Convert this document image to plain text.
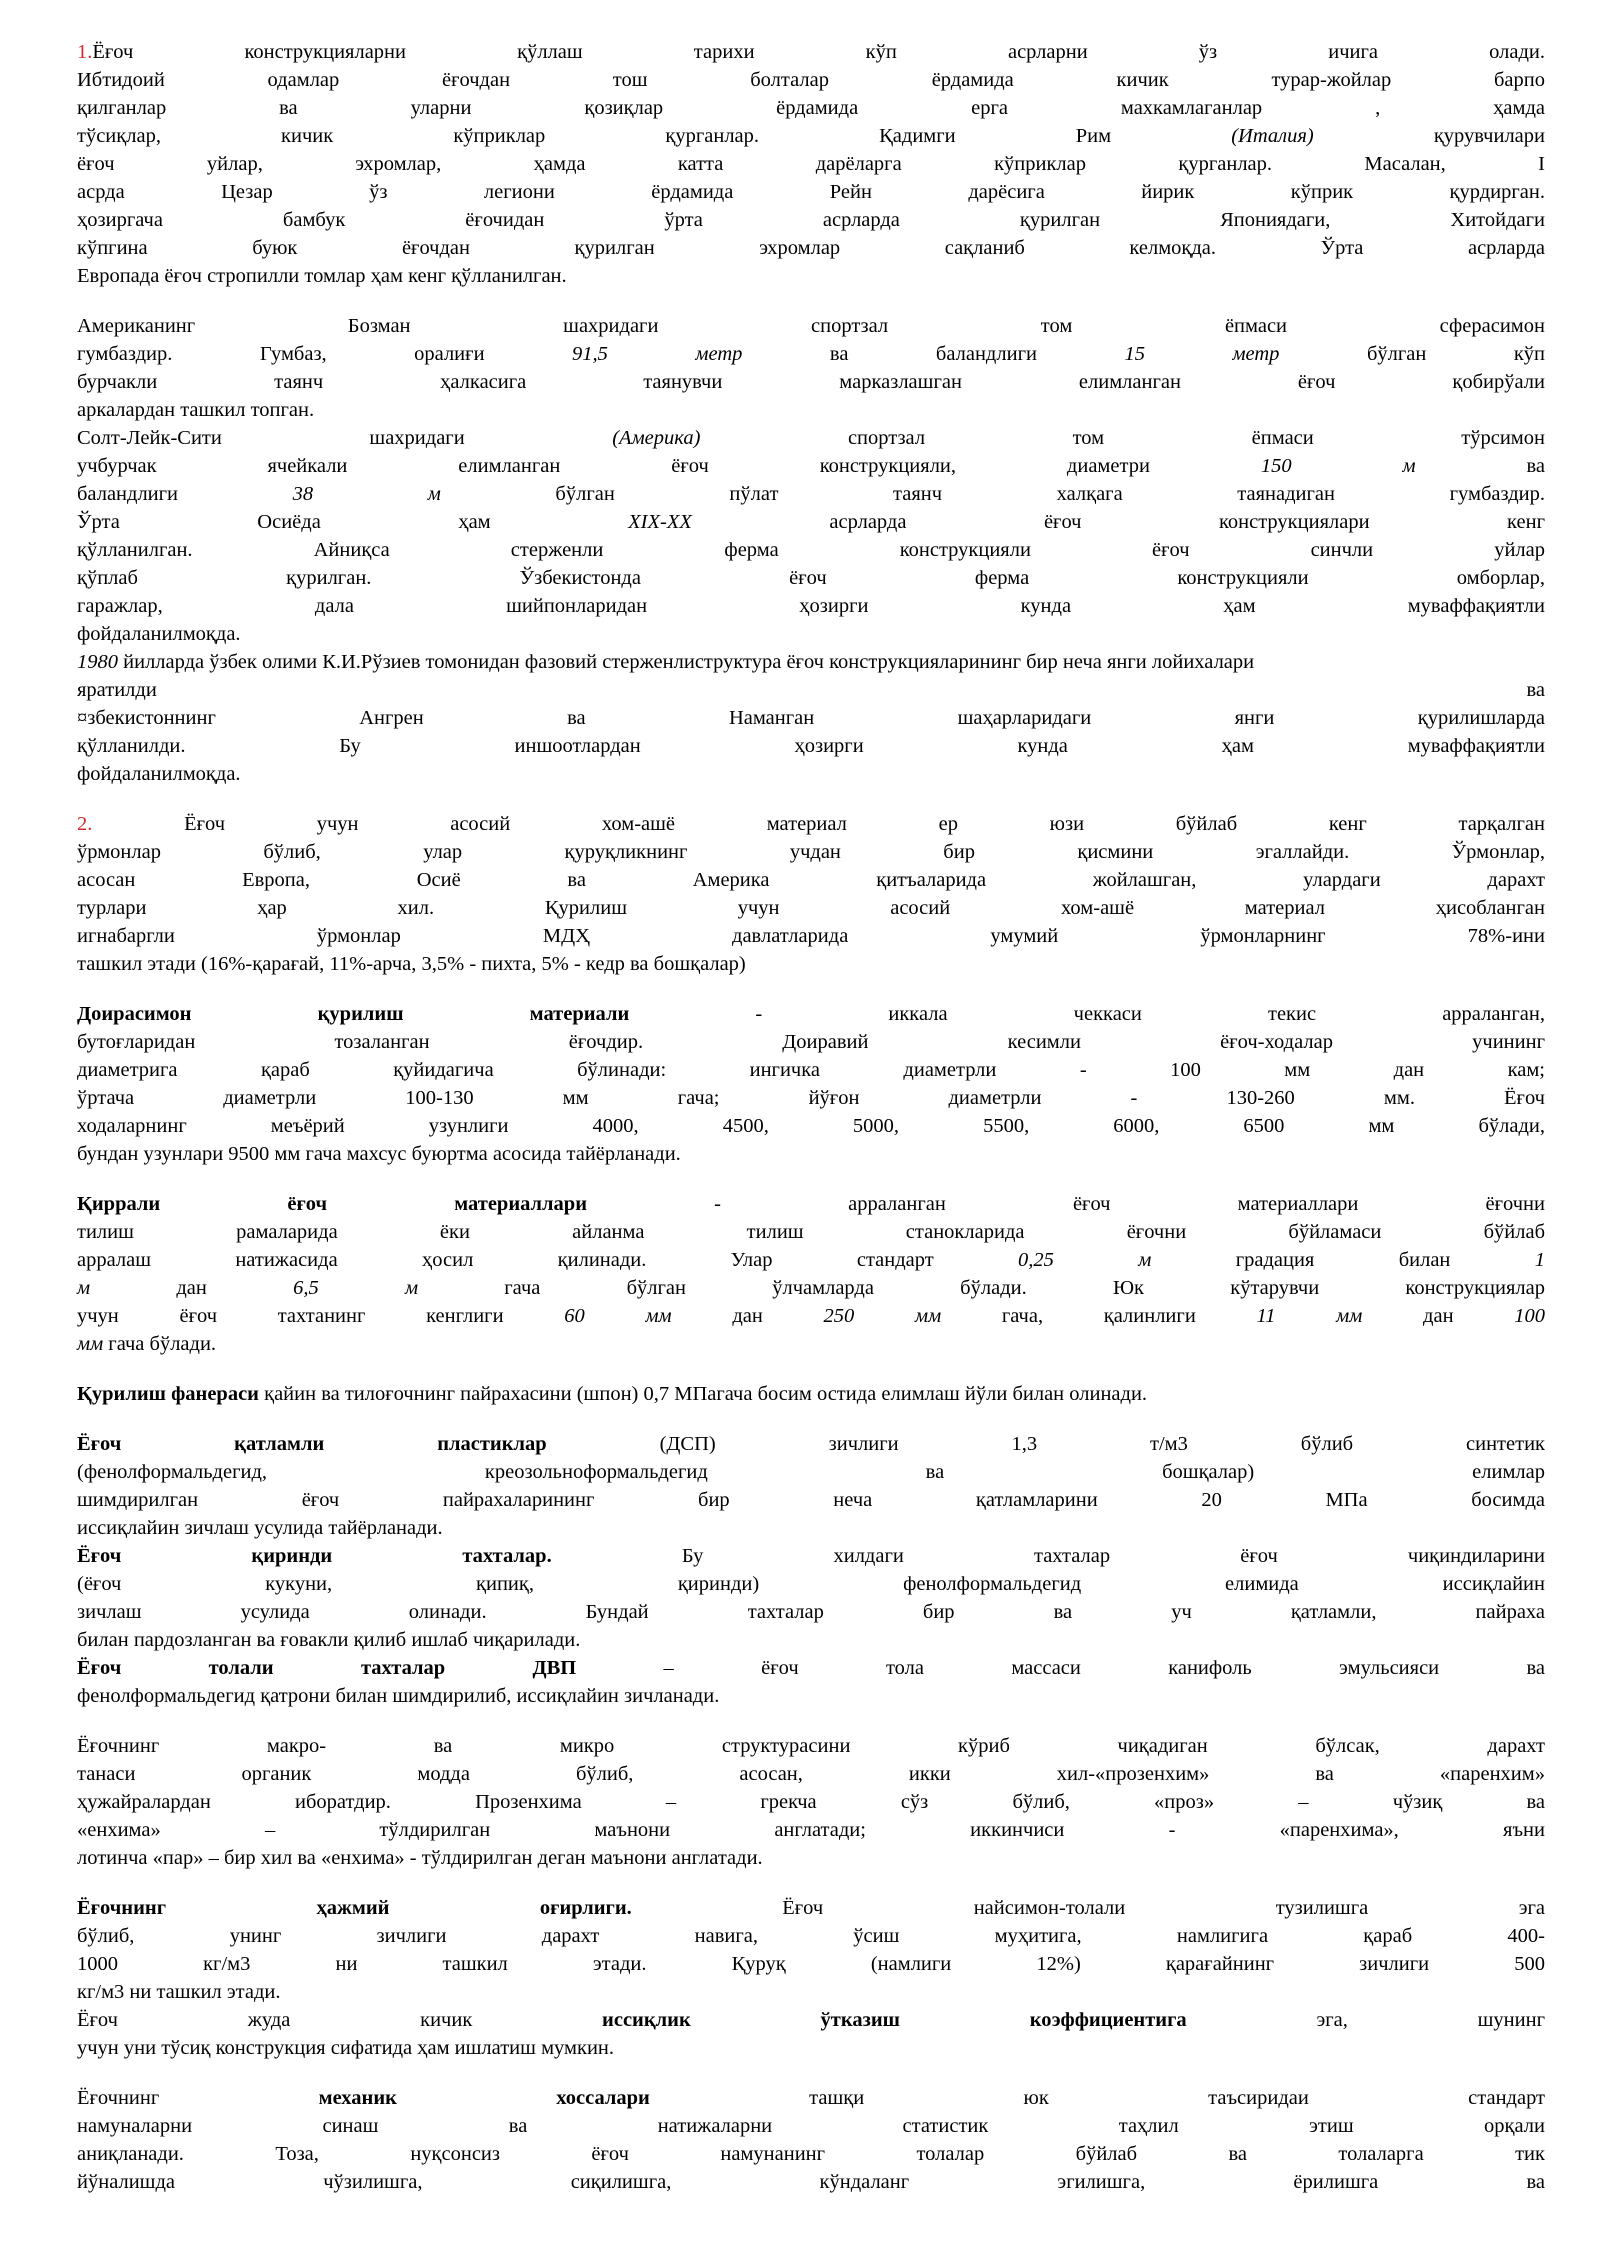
1.Ёғоч конструкцияларни қўллаш тарихи кўп асрларни ўз ичига олади.
Ибтидоий одамлар ёғочдан тош болталар ёрдамида кичик турар-жойлар барпо
қилганлар ва уларни қозиқлар ёрдамида ерга махкамлаганлар , ҳамда
тўсиқлар, кичик кўприклар қурганлар. Қадимги Рим (Италия) қурувчилари
ёғоч уйлар, эхромлар, ҳамда катта дарёларга кўприклар қурганлар. Масалан, I
асрда Цезар ўз легиони ёрдамида Рейн дарёсига йирик кўприк қурдирган.
ҳозиргача бамбук ёғочидан ўрта асрларда қурилган Япониядаги, Хитойдаги
кўпгина буюк ёғочдан қурилган эхромлар сақланиб келмоқда. Ўрта асрларда
Европада ёғоч стропилли томлар ҳам кенг қўлланилган.
Американинг Бозман шахридаги спортзал том ёпмаси сферасимон
гумбаздир. Гумбаз, оралиғи 91,5 метр ва баландлиги 15 метр бўлган кўп
бурчакли таянч ҳалкасига таянувчи марказлашган елимланган ёғоч қобирўали
аркалардан ташкил топган.
Солт-Лейк-Сити шахридаги (Америка) спортзал том ёпмаси тўрсимон
учбурчак ячейкали елимланган ёғоч конструкцияли, диаметри 150 м ва
баландлиги 38 м бўлган пўлат таянч халқага таянадиган гумбаздир.
Ўрта Осиёда ҳам XIX-XX асрларда ёғоч конструкциялари кенг
қўлланилган. Айниқса стерженли ферма конструкцияли ёғоч синчли уйлар
қўплаб қурилган. Ўзбекистонда ёғоч ферма конструкцияли омборлар,
гаражлар, дала шийпонларидан ҳозирги кунда ҳам муваффақиятли
фойдаланилмоқда.
1980 йилларда ўзбек олими К.И.Рўзиев томонидан фазовий стерженлиструктура ёғоч конструкцияларининг бир неча янги лойихалари
яратилди ва
¤збекистоннинг Ангрен ва Наманган шаҳарларидаги янги қурилишларда
қўлланилди. Бу иншоотлардан ҳозирги кунда ҳам муваффақиятли
фойдаланилмоқда.
2. Ёғоч учун асосий хом-ашё материал ер юзи бўйлаб кенг тарқалган
ўрмонлар бўлиб, улар қуруқликнинг учдан бир қисмини эгаллайди. Ўрмонлар,
асосан Европа, Осиё ва Америка қитъаларида жойлашган, улардаги дарахт
турлари ҳар хил. Қурилиш учун асосий хом-ашё материал ҳисобланган
игнабаргли ўрмонлар МДҲ давлатларида умумий ўрмонларнинг 78%-ини
ташкил этади (16%-қарағай, 11%-арча, 3,5% - пихта, 5% - кедр ва бошқалар)
Доирасимон қурилиш материали - иккала чеккаси текис арраланган,
бутоғларидан тозаланган ёғочдир. Доиравий кесимли ёғоч-ходалар учининг
диаметрига қараб қуйидагича бўлинади: ингичка диаметрли - 100 мм дан кам;
ўртача диаметрли 100-130 мм гача; йўғон диаметрли - 130-260 мм. Ёғоч
ходаларнинг меъёрий узунлиги 4000, 4500, 5000, 5500, 6000, 6500 мм бўлади,
бундан узунлари 9500 мм гача махсус буюртма асосида тайёрланади.
Қиррали ёғоч материаллари - арраланган ёғоч материаллари ёғочни
тилиш рамаларида ёки айланма тилиш станокларида ёғочни бўйламаси бўйлаб
арралаш натижасида ҳосил қилинади. Улар стандарт 0,25 м градация билан 1
м дан 6,5 м гача бўлган ўлчамларда бўлади. Юк кўтарувчи конструкциялар
учун ёғоч тахтанинг кенглиги 60 мм дан 250 мм гача, қалинлиги 11 мм дан 100
мм гача бўлади.
Қурилиш фанераси қайин ва тилоғочнинг пайрахасини (шпон) 0,7 МПагача босим остида елимлаш йўли билан олинади.
Ёғоч қатламли пластиклар (ДСП) зичлиги 1,3 т/м3 бўлиб синтетик
(фенолформальдегид, креозольноформальдегид ва бошқалар) елимлар
шимдирилган ёғоч пайрахаларининг бир неча қатламларини 20 МПа босимда
иссиқлайин зичлаш усулида тайёрланади.
Ёғоч қиринди тахталар. Бу хилдаги тахталар ёғоч чиқиндиларини
(ёғоч кукуни, қипиқ, қиринди) фенолформальдегид елимида иссиқлайин
зичлаш усулида олинади. Бундай тахталар бир ва уч қатламли, пайраха
билан пардозланган ва ғовакли қилиб ишлаб чиқарилади.
Ёғоч толали тахталар ДВП – ёғоч тола массаси канифоль эмульсияси ва
фенолформальдегид қатрони билан шимдирилиб, иссиқлайин зичланади.
Ёғочнинг макро- ва микро структурасини кўриб чиқадиган бўлсак, дарахт
танаси органик модда бўлиб, асосан, икки хил-«прозенхим» ва «паренхим»
ҳужайралардан иборатдир. Прозенхима – грекча сўз бўлиб, «проз» – чўзиқ ва
«енхима» – тўлдирилган маънони англатади; иккинчиси - «паренхима», яъни
лотинча «пар» – бир хил ва «енхима» - тўлдирилган деган маънони англатади.
Ёғочнинг ҳажмий оғирлиги. Ёғоч найсимон-толали тузилишга эга
бўлиб, унинг зичлиги дарахт навига, ўсиш муҳитига, намлигига қараб 400-
1000 кг/м3 ни ташкил этади. Қуруқ (намлиги 12%) қарағайнинг зичлиги 500
кг/м3 ни ташкил этади.
Ёғоч жуда кичик иссиқлик ўтказиш коэффициентига эга, шунинг
учун уни тўсиқ конструкция сифатида ҳам ишлатиш мумкин.
Ёғочнинг механик хоссалари ташқи юк таъсиридаи стандарт
намуналарни синаш ва натижаларни статистик таҳлил этиш орқали
аниқланади. Тоза, нуқсонсиз ёғоч намунанинг толалар бўйлаб ва толаларга тик
йўналишда чўзилишга, сиқилишга, кўндаланг эгилишга, ёрилишга ва
